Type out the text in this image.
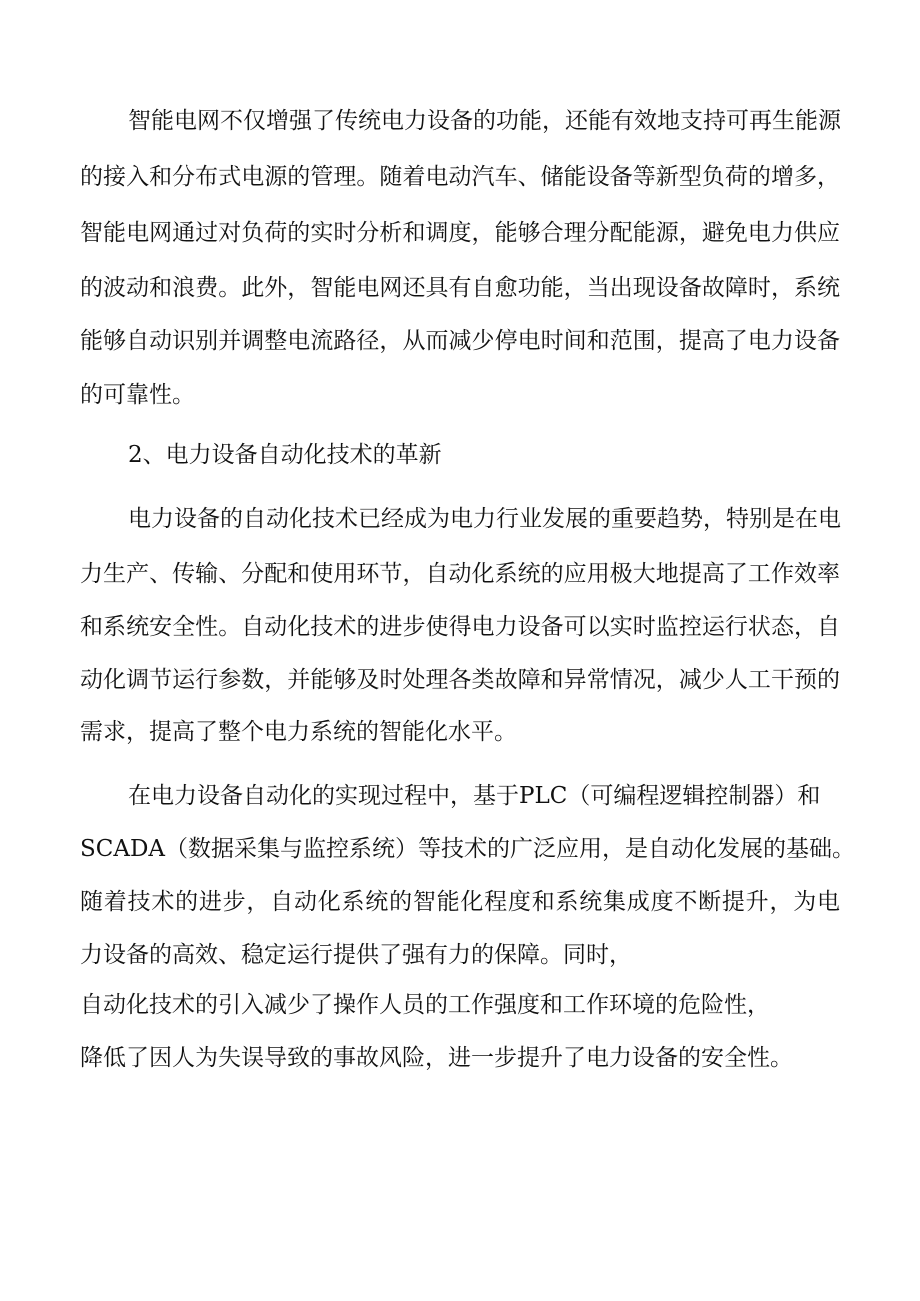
智能电网不仅增强了传统电力设备的功能，还能有效地支持可再生能源

的接入和分布式电源的管理。随着电动汽车、储能设备等新型负荷的增多，

智能电网通过对负荷的实时分析和调度，能够合理分配能源，避免电力供应

的波动和浪费。此外，智能电网还具有自愈功能，当出现设备故障时，系统

能够自动识别并调整电流路径，从而减少停电时间和范围，提高了电力设备

的可靠性。

2、电力设备自动化技术的革新

电力设备的自动化技术已经成为电力行业发展的重要趋势，特别是在电

力生产、传输、分配和使用环节，自动化系统的应用极大地提高了工作效率

和系统安全性。自动化技术的进步使得电力设备可以实时监控运行状态，自

动化调节运行参数，并能够及时处理各类故障和异常情况，减少人工干预的

需求，提高了整个电力系统的智能化水平。

在电力设备自动化的实现过程中，基于PLC（可编程逻辑控制器）和

SCADA（数据采集与监控系统）等技术的广泛应用，是自动化发展的基础。

随着技术的进步，自动化系统的智能化程度和系统集成度不断提升，为电

力设备的高效、稳定运行提供了强有力的保障。同时，

自动化技术的引入减少了操作人员的工作强度和工作环境的危险性，

降低了因人为失误导致的事故风险，进一步提升了电力设备的安全性。
